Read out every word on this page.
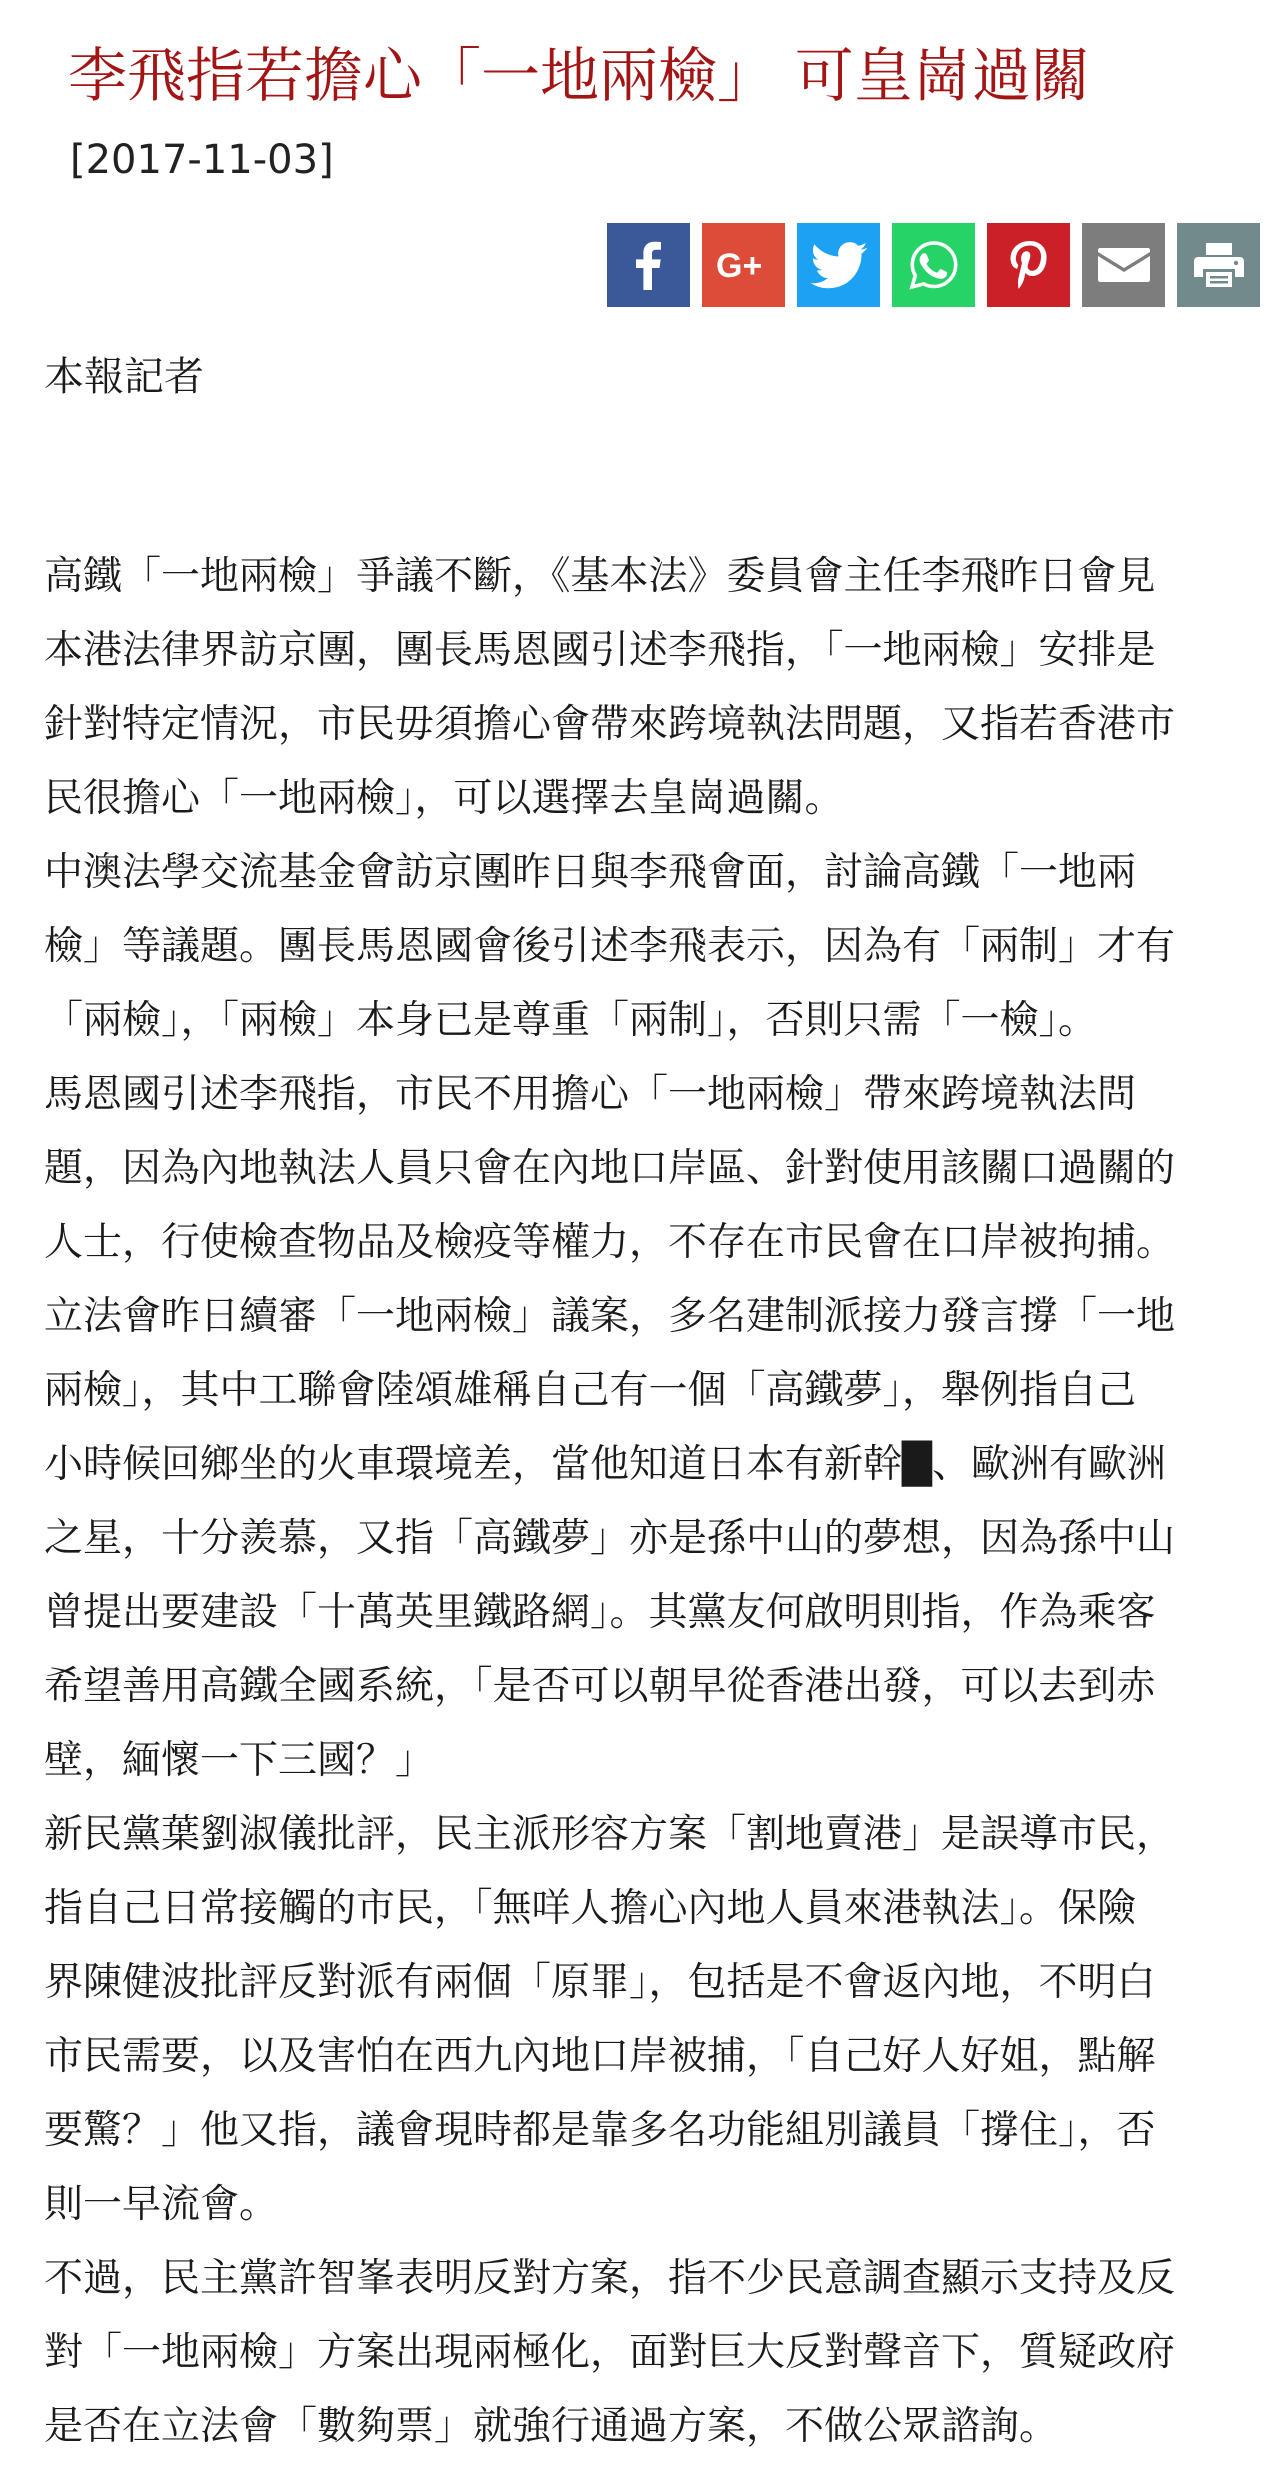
李飛指若擔心「一地兩檢」 可皇崗過關
[2017-11-03]
G+
本報記者

高鐵「一地兩檢」爭議不斷，《基本法》委員會主任李飛昨日會見
本港法律界訪京團，團長馬恩國引述李飛指，「一地兩檢」安排是
針對特定情況，市民毋須擔心會帶來跨境執法問題，又指若香港市
民很擔心「一地兩檢」，可以選擇去皇崗過關。

中澳法學交流基金會訪京團昨日與李飛會面，討論高鐵「一地兩
檢」等議題。團長馬恩國會後引述李飛表示，因為有「兩制」才有
「兩檢」，「兩檢」本身已是尊重「兩制」，否則只需「一檢」。

馬恩國引述李飛指，市民不用擔心「一地兩檢」帶來跨境執法問
題，因為內地執法人員只會在內地口岸區、針對使用該關口過關的
人士，行使檢查物品及檢疫等權力，不存在市民會在口岸被拘捕。

立法會昨日續審「一地兩檢」議案，多名建制派接力發言撐「一地
兩檢」，其中工聯會陸頌雄稱自己有一個「高鐵夢」，舉例指自己
小時候回鄉坐的火車環境差，當他知道日本有新幹█、歐洲有歐洲
之星，十分羨慕，又指「高鐵夢」亦是孫中山的夢想，因為孫中山
曾提出要建設「十萬英里鐵路網」。其黨友何啟明則指，作為乘客
希望善用高鐵全國系統，「是否可以朝早從香港出發，可以去到赤
壁，緬懷一下三國？」

新民黨葉劉淑儀批評，民主派形容方案「割地賣港」是誤導市民，
指自己日常接觸的市民，「無咩人擔心內地人員來港執法」。保險
界陳健波批評反對派有兩個「原罪」，包括是不會返內地，不明白
市民需要，以及害怕在西九內地口岸被捕，「自己好人好姐，點解
要驚？」他又指，議會現時都是靠多名功能組別議員「撐住」，否
則一早流會。

不過，民主黨許智峯表明反對方案，指不少民意調查顯示支持及反
對「一地兩檢」方案出現兩極化，面對巨大反對聲音下，質疑政府
是否在立法會「數夠票」就強行通過方案，不做公眾諮詢。
